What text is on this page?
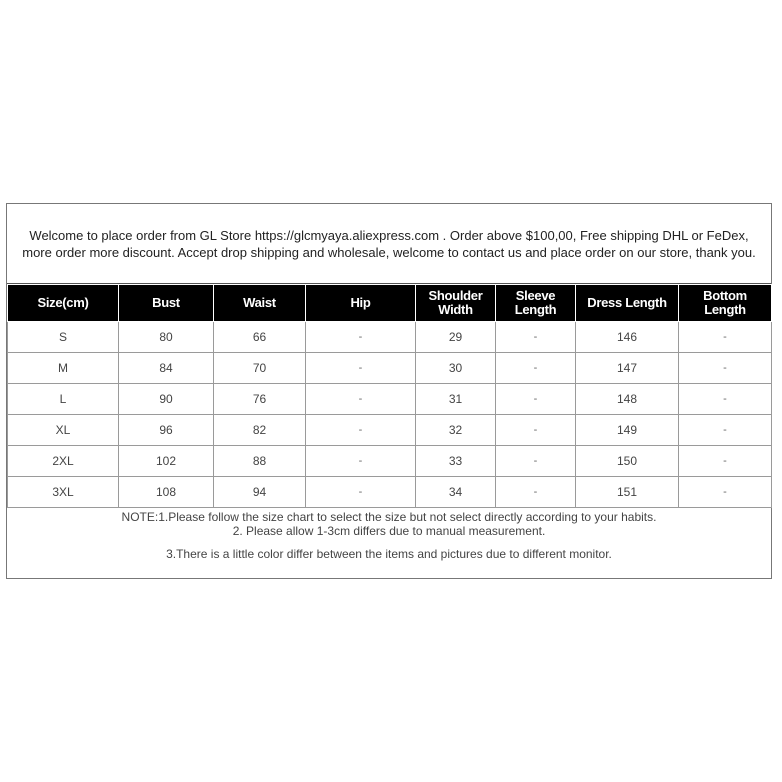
Welcome to place order from GL Store https://glcmyaya.aliexpress.com . Order above $100,00, Free shipping DHL or FeDex, more order more discount. Accept drop shipping and wholesale, welcome to contact us and place order on our store, thank you.
Size(cm)	Bust	Waist	Hip	Shoulder Width	Sleeve Length	Dress Length	Bottom Length
S	80	66	-	29	-	146	-
M	84	70	-	30	-	147	-
L	90	76	-	31	-	148	-
XL	96	82	-	32	-	149	-
2XL	102	88	-	33	-	150	-
3XL	108	94	-	34	-	151	-
NOTE:1.Please follow the size chart to select the size but not select directly according to your habits.
2. Please allow 1-3cm differs due to manual measurement.
3.There is a little color differ between the items and pictures due to different monitor.
